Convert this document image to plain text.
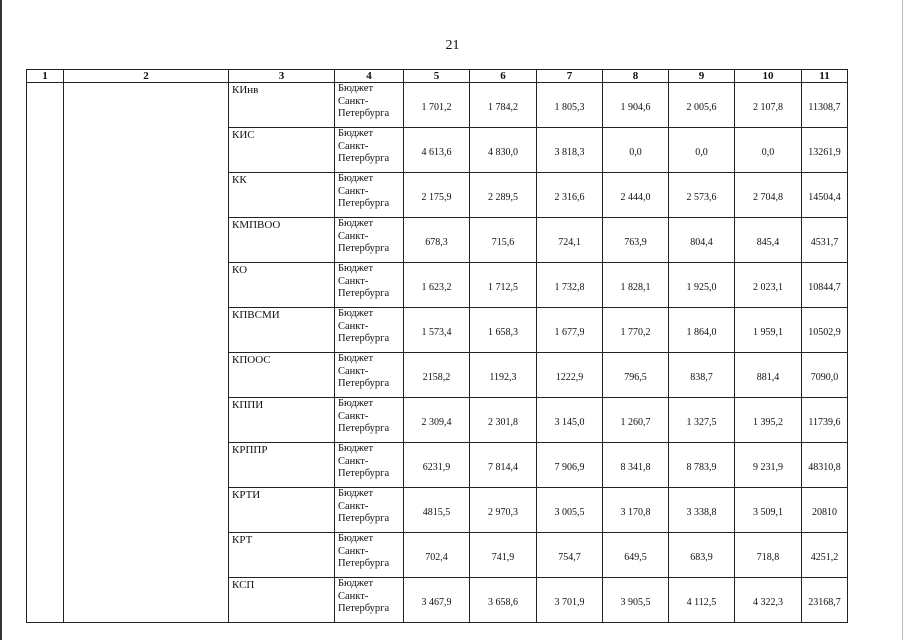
21
1	2	3	4	5	6	7	8	9	10	11
		КИнв	Бюджет Санкт-Петербурга	1 701,2	1 784,2	1 805,3	1 904,6	2 005,6	2 107,8	11308,7
		КИС	Бюджет Санкт-Петербурга	4 613,6	4 830,0	3 818,3	0,0	0,0	0,0	13261,9
		КК	Бюджет Санкт-Петербурга	2 175,9	2 289,5	2 316,6	2 444,0	2 573,6	2 704,8	14504,4
		КМПВОО	Бюджет Санкт-Петербурга	678,3	715,6	724,1	763,9	804,4	845,4	4531,7
		КО	Бюджет Санкт-Петербурга	1 623,2	1 712,5	1 732,8	1 828,1	1 925,0	2 023,1	10844,7
		КПВСМИ	Бюджет Санкт-Петербурга	1 573,4	1 658,3	1 677,9	1 770,2	1 864,0	1 959,1	10502,9
		КПООС	Бюджет Санкт-Петербурга	2158,2	1192,3	1222,9	796,5	838,7	881,4	7090,0
		КППИ	Бюджет Санкт-Петербурга	2 309,4	2 301,8	3 145,0	1 260,7	1 327,5	1 395,2	11739,6
		КРППР	Бюджет Санкт-Петербурга	6231,9	7 814,4	7 906,9	8 341,8	8 783,9	9 231,9	48310,8
		КРТИ	Бюджет Санкт-Петербурга	4815,5	2 970,3	3 005,5	3 170,8	3 338,8	3 509,1	20810
		КРТ	Бюджет Санкт-Петербурга	702,4	741,9	754,7	649,5	683,9	718,8	4251,2
		КСП	Бюджет Санкт-Петербурга	3 467,9	3 658,6	3 701,9	3 905,5	4 112,5	4 322,3	23168,7
